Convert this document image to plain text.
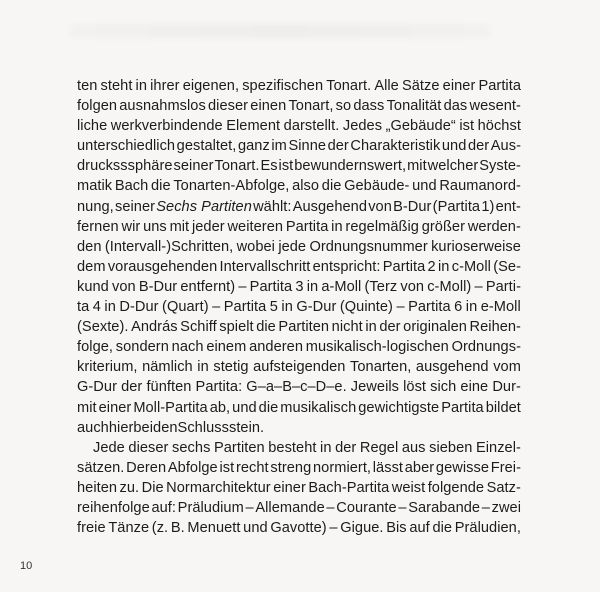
ten steht in ihrer eigenen, spezifischen Tonart. Alle Sätze einer Partita
folgen ausnahmslos dieser einen Tonart, so dass Tonalität das wesent-
liche werkverbindende Element darstellt. Jedes „Gebäude“ ist höchst
unterschiedlich gestaltet, ganz im Sinne der Charakteristik und der Aus-
drucksssphäre seiner Tonart. Es ist bewundernswert, mit welcher Syste-
matik Bach die Tonarten-Abfolge, also die Gebäude- und Raumanord-
nung, seiner Sechs Partiten wählt: Ausgehend von B-Dur (Partita 1) ent-
fernen wir uns mit jeder weiteren Partita in regelmäßig größer werden-
den (Intervall-)Schritten, wobei jede Ordnungsnummer kurioserweise
dem vorausgehenden Intervallschritt entspricht: Partita 2 in c-Moll (Se-
kund von B-Dur entfernt) – Partita 3 in a-Moll (Terz von c-Moll) – Parti-
ta 4 in D-Dur (Quart) – Partita 5 in G-Dur (Quinte) – Partita 6 in e-Moll
(Sexte). András Schiff spielt die Partiten nicht in der originalen Reihen-
folge, sondern nach einem anderen musikalisch-logischen Ordnungs-
kriterium, nämlich in stetig aufsteigenden Tonarten, ausgehend vom
G-Dur der fünften Partita: G–a–B–c–D–e. Jeweils löst sich eine Dur-
mit einer Moll-Partita ab, und die musikalisch gewichtigste Partita bildet
auch hierbei den Schlussstein.
Jede dieser sechs Partiten besteht in der Regel aus sieben Einzel-
sätzen. Deren Abfolge ist recht streng normiert, lässt aber gewisse Frei-
heiten zu. Die Normarchitektur einer Bach-Partita weist folgende Satz-
reihenfolge auf: Präludium – Allemande – Courante – Sarabande – zwei
freie Tänze (z. B. Menuett und Gavotte) – Gigue. Bis auf die Präludien,
10
